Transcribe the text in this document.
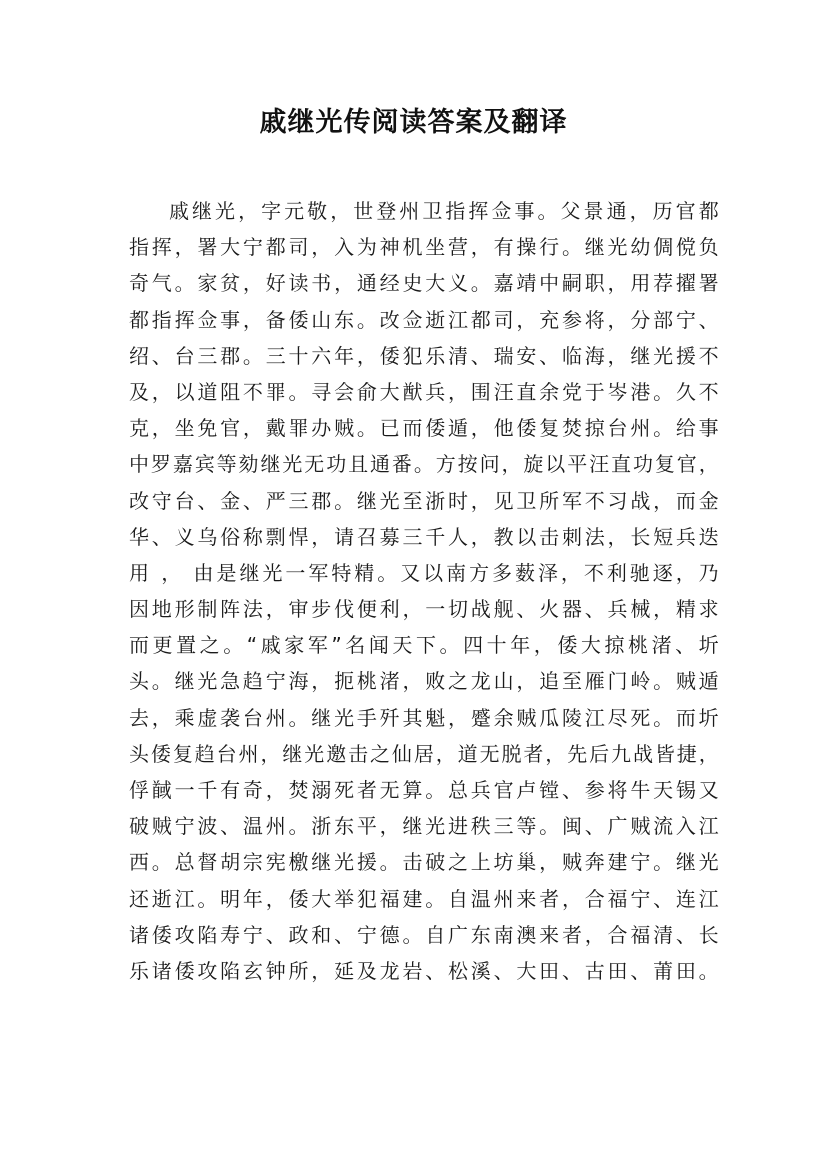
戚继光传阅读答案及翻译
戚继光，字元敬，世登州卫指挥佥事。父景通，历官都
指挥，署大宁都司，入为神机坐营，有操行。继光幼倜傥负
奇气。家贫，好读书，通经史大义。嘉靖中嗣职，用荐擢署
都指挥佥事，备倭山东。改佥逝江都司，充参将，分部宁、
绍、台三郡。三十六年，倭犯乐清、瑞安、临海，继光援不
及，以道阻不罪。寻会俞大猷兵，围汪直余党于岑港。久不
克，坐免官，戴罪办贼。已而倭遁，他倭复焚掠台州。给事
中罗嘉宾等劾继光无功且通番。方按问，旋以平汪直功复官，
改守台、金、严三郡。继光至浙时，见卫所军不习战，而金
华、义乌俗称剽悍，请召募三千人，教以击刺法，长短兵迭
用 ， 由是继光一军特精。又以南方多薮泽，不利驰逐，乃
因地形制阵法，审步伐便利，一切战舰、火器、兵械，精求
而更置之。“戚家军”名闻天下。四十年，倭大掠桃渚、圻
头。继光急趋宁海，扼桃渚，败之龙山，追至雁门岭。贼遁
去，乘虚袭台州。继光手歼其魁，蹙余贼瓜陵江尽死。而圻
头倭复趋台州，继光邀击之仙居，道无脱者，先后九战皆捷，
俘馘一千有奇，焚溺死者无算。总兵官卢镗、参将牛天锡又
破贼宁波、温州。浙东平，继光进秩三等。闽、广贼流入江
西。总督胡宗宪檄继光援。击破之上坊巢，贼奔建宁。继光
还逝江。明年，倭大举犯福建。自温州来者，合福宁、连江
诸倭攻陷寿宁、政和、宁德。自广东南澳来者，合福清、长
乐诸倭攻陷玄钟所，延及龙岩、松溪、大田、古田、莆田。
